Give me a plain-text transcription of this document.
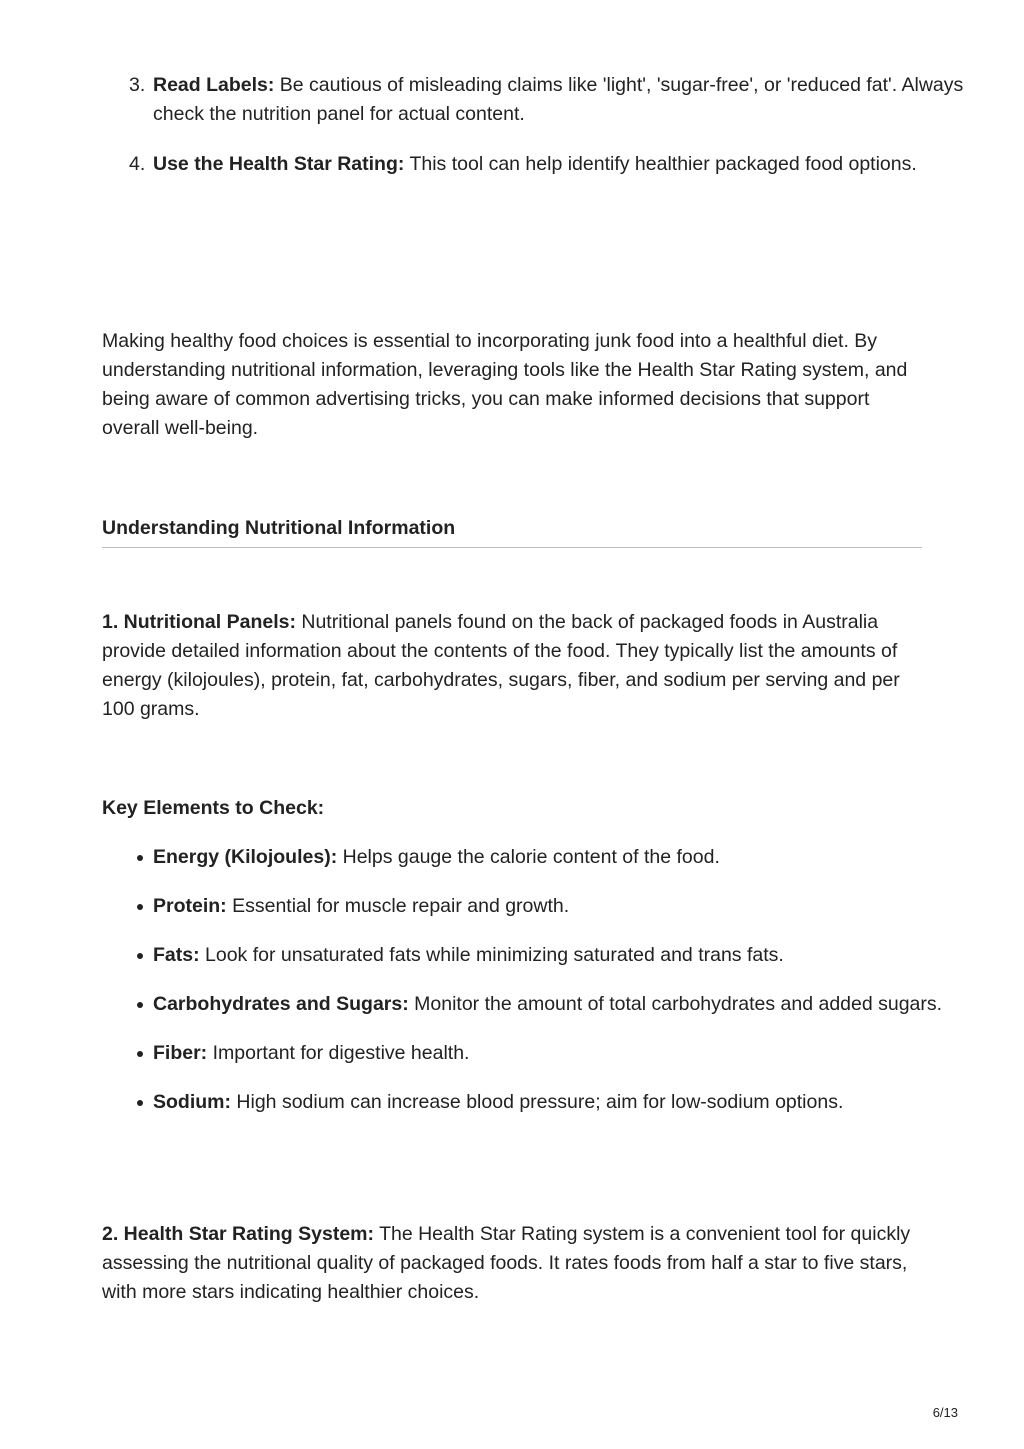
3. Read Labels: Be cautious of misleading claims like 'light', 'sugar-free', or 'reduced fat'. Always check the nutrition panel for actual content.
4. Use the Health Star Rating: This tool can help identify healthier packaged food options.

Making healthy food choices is essential to incorporating junk food into a healthful diet. By understanding nutritional information, leveraging tools like the Health Star Rating system, and being aware of common advertising tricks, you can make informed decisions that support overall well-being.

Understanding Nutritional Information

1. Nutritional Panels: Nutritional panels found on the back of packaged foods in Australia provide detailed information about the contents of the food. They typically list the amounts of energy (kilojoules), protein, fat, carbohydrates, sugars, fiber, and sodium per serving and per 100 grams.

Key Elements to Check:
Energy (Kilojoules): Helps gauge the calorie content of the food.
Protein: Essential for muscle repair and growth.
Fats: Look for unsaturated fats while minimizing saturated and trans fats.
Carbohydrates and Sugars: Monitor the amount of total carbohydrates and added sugars.
Fiber: Important for digestive health.
Sodium: High sodium can increase blood pressure; aim for low-sodium options.

2. Health Star Rating System: The Health Star Rating system is a convenient tool for quickly assessing the nutritional quality of packaged foods. It rates foods from half a star to five stars, with more stars indicating healthier choices.

6/13
